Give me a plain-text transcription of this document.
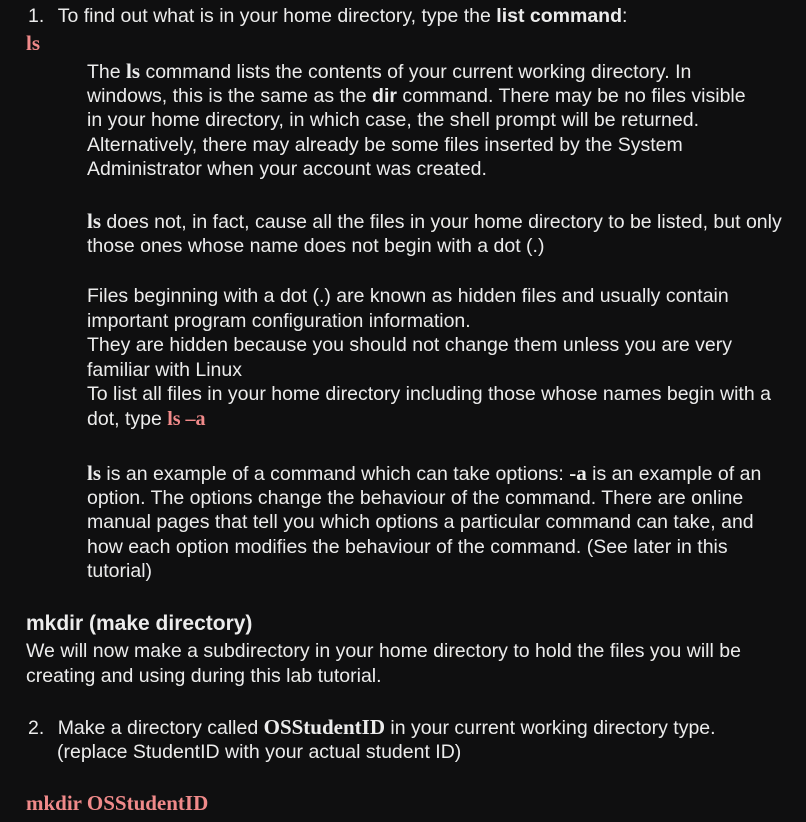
1. To find out what is in your home directory, type the list command:
ls
The ls command lists the contents of your current working directory. In
windows, this is the same as the dir command. There may be no files visible
in your home directory, in which case, the shell prompt will be returned.
Alternatively, there may already be some files inserted by the System
Administrator when your account was created.
ls does not, in fact, cause all the files in your home directory to be listed, but only
those ones whose name does not begin with a dot (.)
Files beginning with a dot (.) are known as hidden files and usually contain
important program configuration information.
They are hidden because you should not change them unless you are very
familiar with Linux
To list all files in your home directory including those whose names begin with a
dot, type ls –a
ls is an example of a command which can take options: -a is an example of an
option. The options change the behaviour of the command. There are online
manual pages that tell you which options a particular command can take, and
how each option modifies the behaviour of the command. (See later in this
tutorial)
mkdir (make directory)
We will now make a subdirectory in your home directory to hold the files you will be
creating and using during this lab tutorial.
2. Make a directory called OSStudentID in your current working directory type.
(replace StudentID with your actual student ID)
mkdir OSStudentID
